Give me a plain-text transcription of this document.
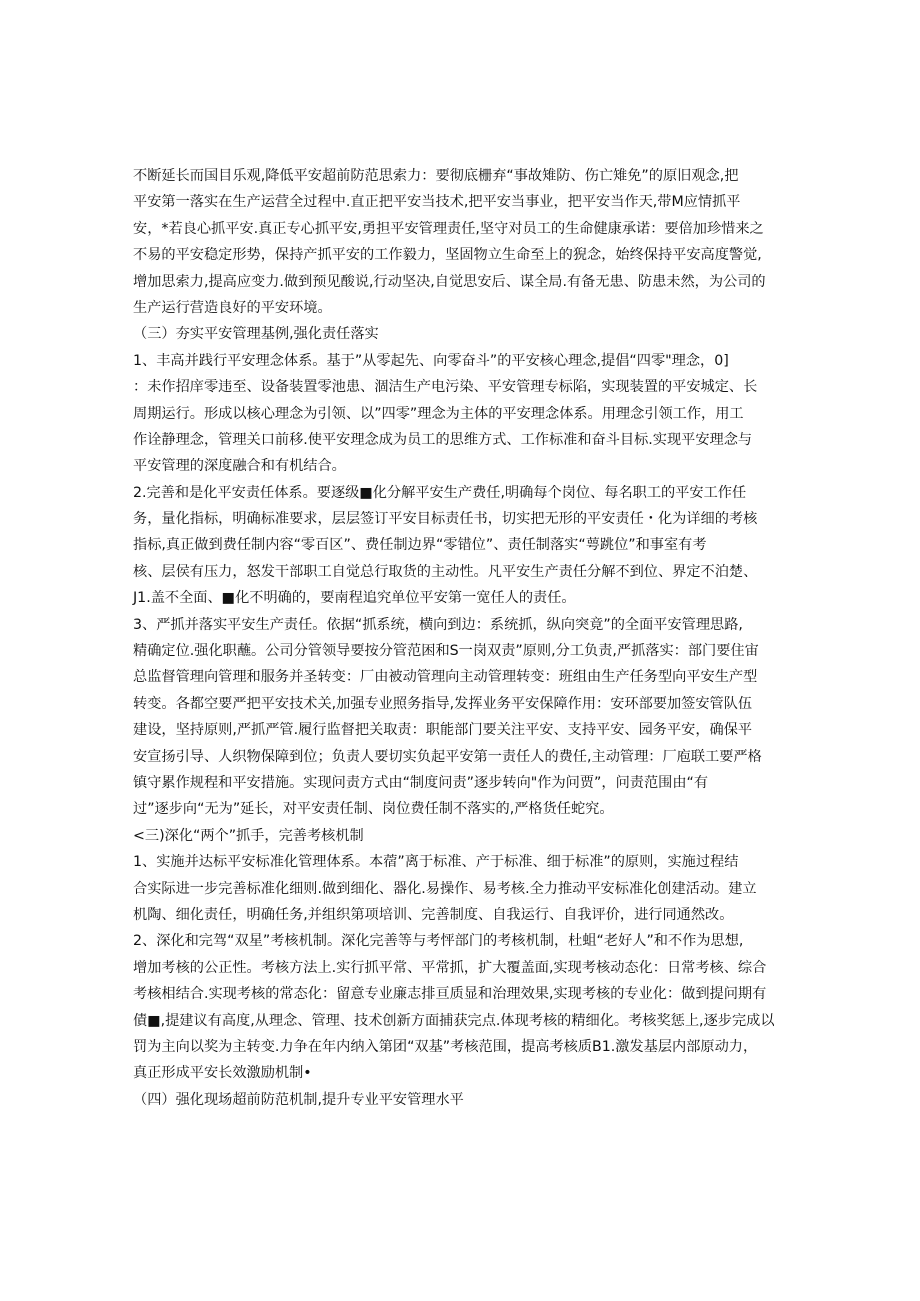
不断延长而国目乐观,降低平安超前防范思索力：要彻底栅弃“事故雉防、伤亡雉免”的原旧观念,把
平安第一落实在生产运营全过程中.直正把平安当技术,把平安当事业，把平安当作天,带M应情抓平
安，*若良心抓平安.真正专心抓平安,勇担平安管理责任,坚守对员工的生命健康承诺：要倍加珍惜来之
不易的平安稳定形势，保持产抓平安的工作毅力，坚固物立生命至上的猊念，始终保持平安高度警觉,
增加思索力,提高应变力.做到预见酸说,行动坚决,自觉思安后、谋全局.有备无患、防患未然，为公司的
生产运行营造良好的平安环境。
（三）夯实平安管理基例,强化责任落实
1、丰高并践行平安理念体系。基于”从零起先、向零奋斗”的平安核心理念,提倡“四零"理念，0]
：未作招庠零违至、设备装置零池患、涸洁生产电污染、平安管理专标陷，实现装置的平安城定、长
周期运行。形成以核心理念为引领、以”四零”理念为主体的平安理念体系。用理念引领工作，用工
作诠静理念，管理关口前移.使平安理念成为员工的思维方式、工作标准和奋斗目标.实现平安理念与
平安管理的深度融合和有机结合。
2.完善和是化平安责任体系。要逐级■化分解平安生产费任,明确每个岗位、每名职工的平安工作任
务，量化指标，明确标准要求，层层签订平安目标责任书，切实把无形的平安责任・化为详细的考核
指标,真正做到费任制内容“零百区”、费任制边界“零错位”、责任制落实“萼跳位”和事室有考
核、层侯有压力，怒发干部职工自觉总行取货的主动性。凡平安生产责任分解不到位、界定不泊楚、
J1.盖不全面、■化不明确的，要南程追究单位平安第一宽任人的责任。
3、严抓并落实平安生产责任。依据“抓系统，横向到边：系统抓，纵向突竟”的全面平安管理思路,
精确定位.强化职蘸。公司分管领导要按分管范困和S一岗双责”原则,分工负责,严抓落实：部门要住宙
总监督管理向管理和服务并圣转变：厂由被动管理向主动管理转变：班组由生产任务型向平安生产型
转变。各都空要严把平安技术关,加强专业照务指导,发挥业务平安保障作用：安环部要加签安管队伍
建设，坚持原则,严抓严管.履行监督把关取责：职能部门要关注平安、支持平安、园务平安，确保平
安宣扬引导、人织物保障到位；负责人要切实负起平安第一责任人的费任,主动管理：厂庖联工要严格
镇守累作规程和平安措施。实现问责方式由“制度问责”逐步转向"作为问贾”，问责范围由“有
过”逐步向“无为”延长，对平安责任制、岗位费任制不落实的,严格货任蛇究。
<三)深化“两个”抓手，完善考核机制
1、实施并达标平安标准化管理体系。本蓿”离于标准、产于标准、细于标准”的原则，实施过程结
合实际进一步完善标准化细则.做到细化、器化.易操作、易考核.全力推动平安标准化创建活动。建立
机陶、细化责任，明确任务,并组织第项培训、完善制度、自我运行、自我评价，进行同通然改。
2、深化和完驾“双星”考核机制。深化完善等与考怦部门的考核机制，杜蛆“老好人”和不作为思想,
增加考核的公正性。考核方法上.实行抓平常、平常抓，扩大覆盖面,实现考核动态化：日常考核、综合
考核相结合.实现考核的常态化：留意专业廉志排亘质显和治理效果,实现考核的专业化：做到提问期有
債■,提建议有高度,从理念、管理、技术创新方面捕获完点.体现考核的精细化。考核奖惩上,逐步完成以
罚为主向以奖为主转变.力争在年内纳入第团“双基”考核范围，提高考核质B1.激发基层内部原动力，
真正形成平安长效激励机制•
（四）强化现场超前防范机制,提升专业平安管理水平
